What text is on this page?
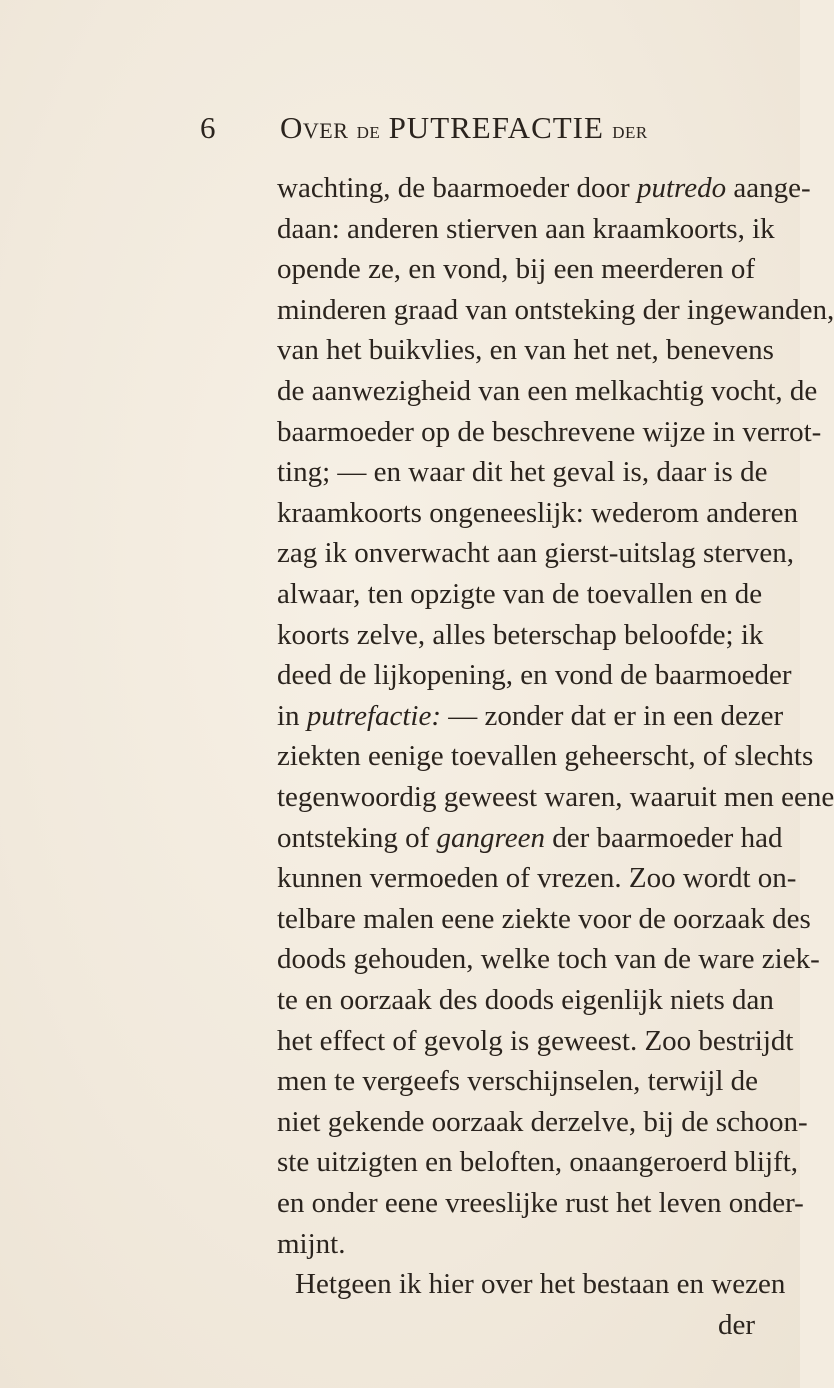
6 Over de PUTREFACTIE der
wachting, de baarmoeder door putredo aange-
daan: anderen stierven aan kraamkoorts, ik
opende ze, en vond, bij een meerderen of
minderen graad van ontsteking der ingewanden,
van het buikvlies, en van het net, benevens
de aanwezigheid van een melkachtig vocht, de
baarmoeder op de beschrevene wijze in verrot-
ting; — en waar dit het geval is, daar is de
kraamkoorts ongeneeslijk: wederom anderen
zag ik onverwacht aan gierst-uitslag sterven,
alwaar, ten opzigte van de toevallen en de
koorts zelve, alles beterschap beloofde; ik
deed de lijkopening, en vond de baarmoeder
in putrefactie: — zonder dat er in een dezer
ziekten eenige toevallen geheerscht, of slechts
tegenwoordig geweest waren, waaruit men eene
ontsteking of gangreen der baarmoeder had
kunnen vermoeden of vrezen. Zoo wordt on-
telbare malen eene ziekte voor de oorzaak des
doods gehouden, welke toch van de ware ziek-
te en oorzaak des doods eigenlijk niets dan
het effect of gevolg is geweest. Zoo bestrijdt
men te vergeefs verschijnselen, terwijl de
niet gekende oorzaak derzelve, bij de schoon-
ste uitzigten en beloften, onaangeroerd blijft,
en onder eene vreeslijke rust het leven onder-
mijnt.
Hetgeen ik hier over het bestaan en wezen
der
